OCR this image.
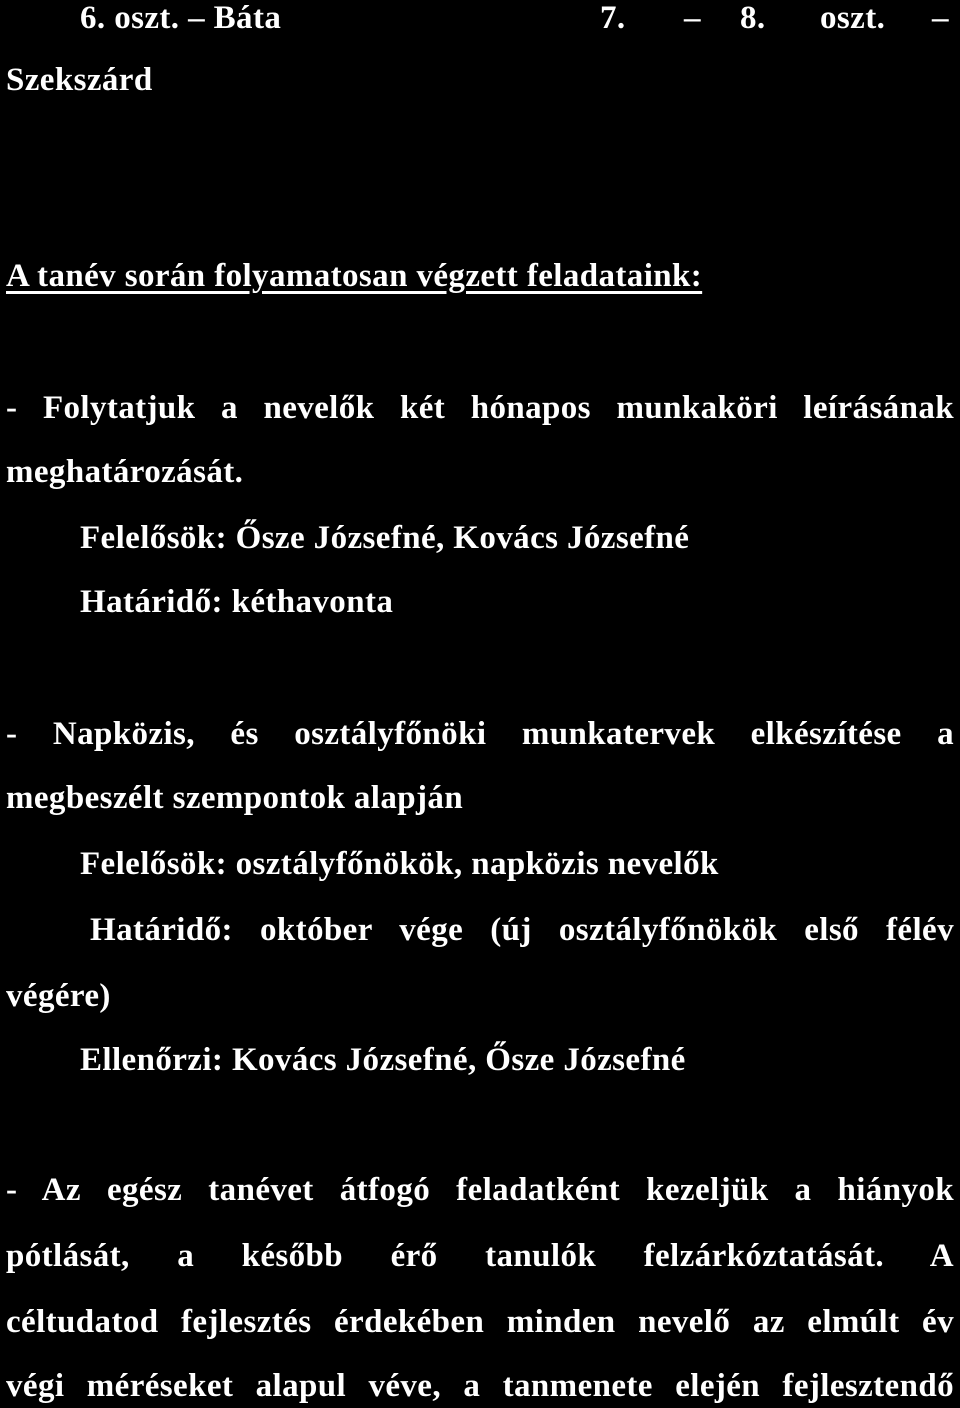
6. oszt. – Báta	7. – 8. oszt. –
Szekszárd
A tanév során folyamatosan végzett feladataink:
- Folytatjuk a nevelők két hónapos munkaköri leírásának
meghatározását.
Felelősök: Ősze Józsefné, Kovács Józsefné
Határidő: kéthavonta
- Napközis, és osztályfőnöki munkatervek elkészítése a
megbeszélt szempontok alapján
Felelősök: osztályfőnökök, napközis nevelők
Határidő: október vége (új osztályfőnökök első félév
végére)
Ellenőrzi: Kovács Józsefné, Ősze Józsefné
- Az egész tanévet átfogó feladatként kezeljük a hiányok
pótlását, a később érő tanulók felzárkóztatását. A
céltudatod fejlesztés érdekében minden nevelő az elmúlt év
végi méréseket alapul véve, a tanmenete elején fejlesztendő
